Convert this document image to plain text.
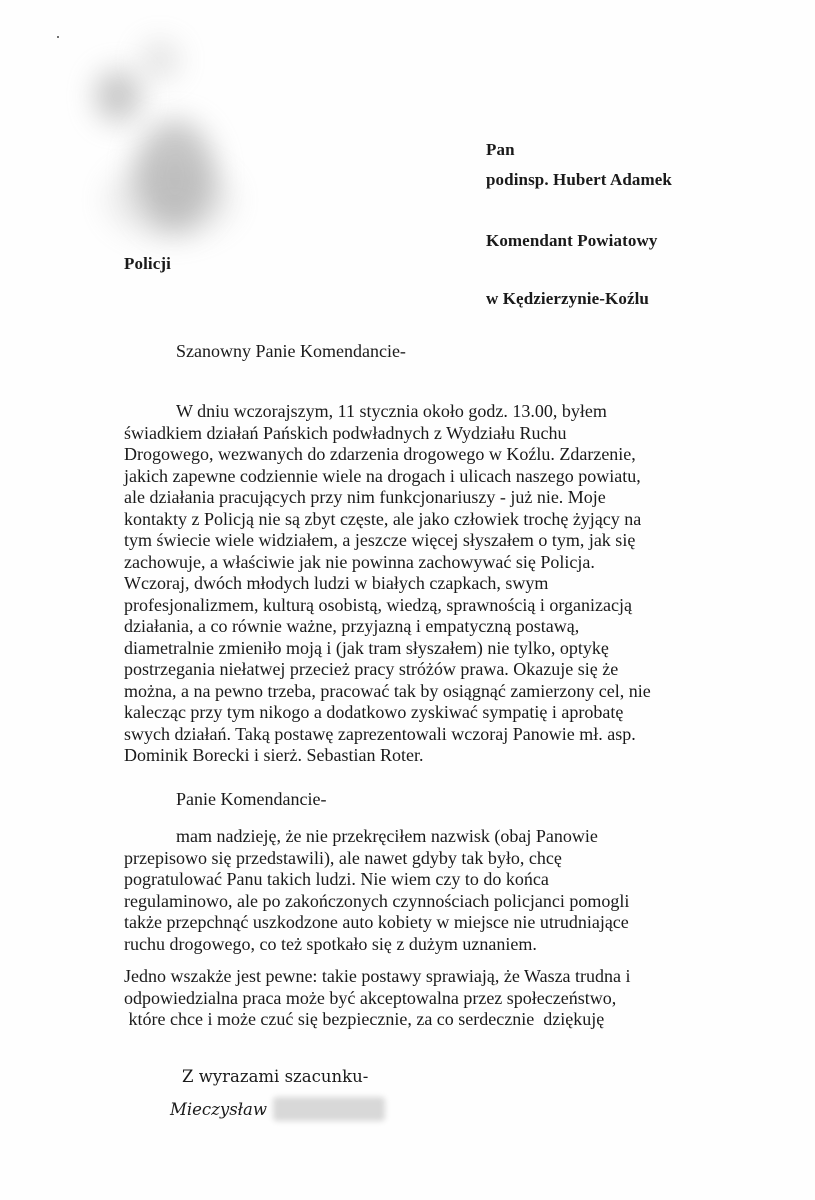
Pan
podinsp. Hubert Adamek
Komendant Powiatowy
Policji
w Kędzierzynie-Koźlu
Szanowny Panie Komendancie-
W dniu wczorajszym, 11 stycznia około godz. 13.00, byłem
świadkiem działań Pańskich podwładnych z Wydziału Ruchu
Drogowego, wezwanych do zdarzenia drogowego w Koźlu. Zdarzenie,
jakich zapewne codziennie wiele na drogach i ulicach naszego powiatu,
ale działania pracujących przy nim funkcjonariuszy - już nie. Moje
kontakty z Policją nie są zbyt częste, ale jako człowiek trochę żyjący na
tym świecie wiele widziałem, a jeszcze więcej słyszałem o tym, jak się
zachowuje, a właściwie jak nie powinna zachowywać się Policja.
Wczoraj, dwóch młodych ludzi w białych czapkach, swym
profesjonalizmem, kulturą osobistą, wiedzą, sprawnością i organizacją
działania, a co równie ważne, przyjazną i empatyczną postawą,
diametralnie zmieniło moją i (jak tram słyszałem) nie tylko, optykę
postrzegania niełatwej przecież pracy stróżów prawa. Okazuje się że
można, a na pewno trzeba, pracować tak by osiągnąć zamierzony cel, nie
kalecząc przy tym nikogo a dodatkowo zyskiwać sympatię i aprobatę
swych działań. Taką postawę zaprezentowali wczoraj Panowie mł. asp.
Dominik Borecki i sierż. Sebastian Roter.
Panie Komendancie-
mam nadzieję, że nie przekręciłem nazwisk (obaj Panowie
przepisowo się przedstawili), ale nawet gdyby tak było, chcę
pogratulować Panu takich ludzi. Nie wiem czy to do końca
regulaminowo, ale po zakończonych czynnościach policjanci pomogli
także przepchnąć uszkodzone auto kobiety w miejsce nie utrudniające
ruchu drogowego, co też spotkało się z dużym uznaniem.
Jedno wszakże jest pewne: takie postawy sprawiają, że Wasza trudna i
odpowiedzialna praca może być akceptowalna przez społeczeństwo,
które chce i może czuć się bezpiecznie, za co serdecznie  dziękuję
Z wyrazami szacunku-
Mieczysław
